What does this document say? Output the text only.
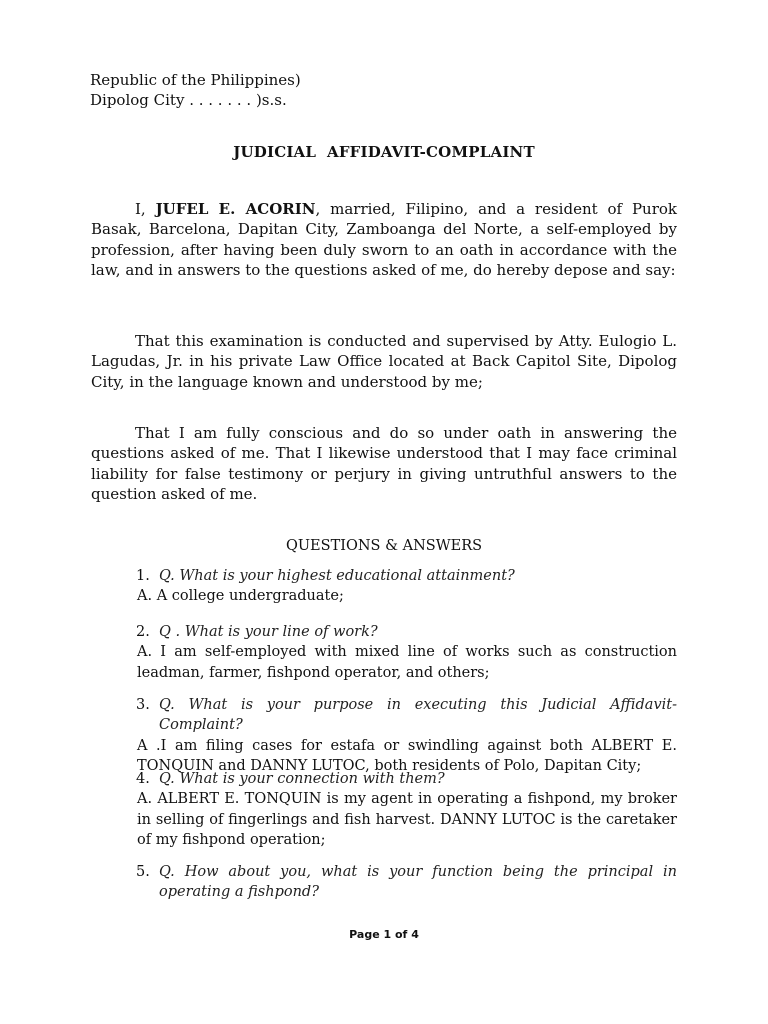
Republic of the Philippines)
Dipolog City . . . . . . . )s.s.
JUDICIAL  AFFIDAVIT-COMPLAINT
I, JUFEL E. ACORIN, married, Filipino, and a resident of Purok Basak, Barcelona, Dapitan City, Zamboanga del Norte, a self-employed by profession, after having been duly sworn to an oath in accordance with the law, and in answers to the questions asked of me, do hereby depose and say:
That this examination is conducted and supervised by Atty. Eulogio L. Lagudas, Jr. in his private Law Office located at Back Capitol Site, Dipolog City, in the language known and understood by me;
That I am fully conscious and do so under oath in answering the questions asked of me. That I likewise understood that I may face criminal liability for false testimony or perjury in giving untruthful answers to the question asked of me.
QUESTIONS & ANSWERS
1. Q. What is your highest educational attainment?
A. A college undergraduate;
2. Q . What is your line of work?
A. I am self-employed with mixed line of works such as construction leadman, farmer, fishpond operator, and others;
3. Q. What is your purpose in executing this Judicial Affidavit-Complaint?
A .I am filing cases for estafa or swindling against both ALBERT E. TONQUIN and DANNY LUTOC, both residents of Polo, Dapitan City;
4. Q. What is your connection with them?
A. ALBERT E. TONQUIN is my agent in operating a fishpond, my broker in selling of fingerlings and fish harvest. DANNY LUTOC is the caretaker of my fishpond operation;
5. Q. How about you, what is your function being the principal in operating a fishpond?
Page 1 of 4
